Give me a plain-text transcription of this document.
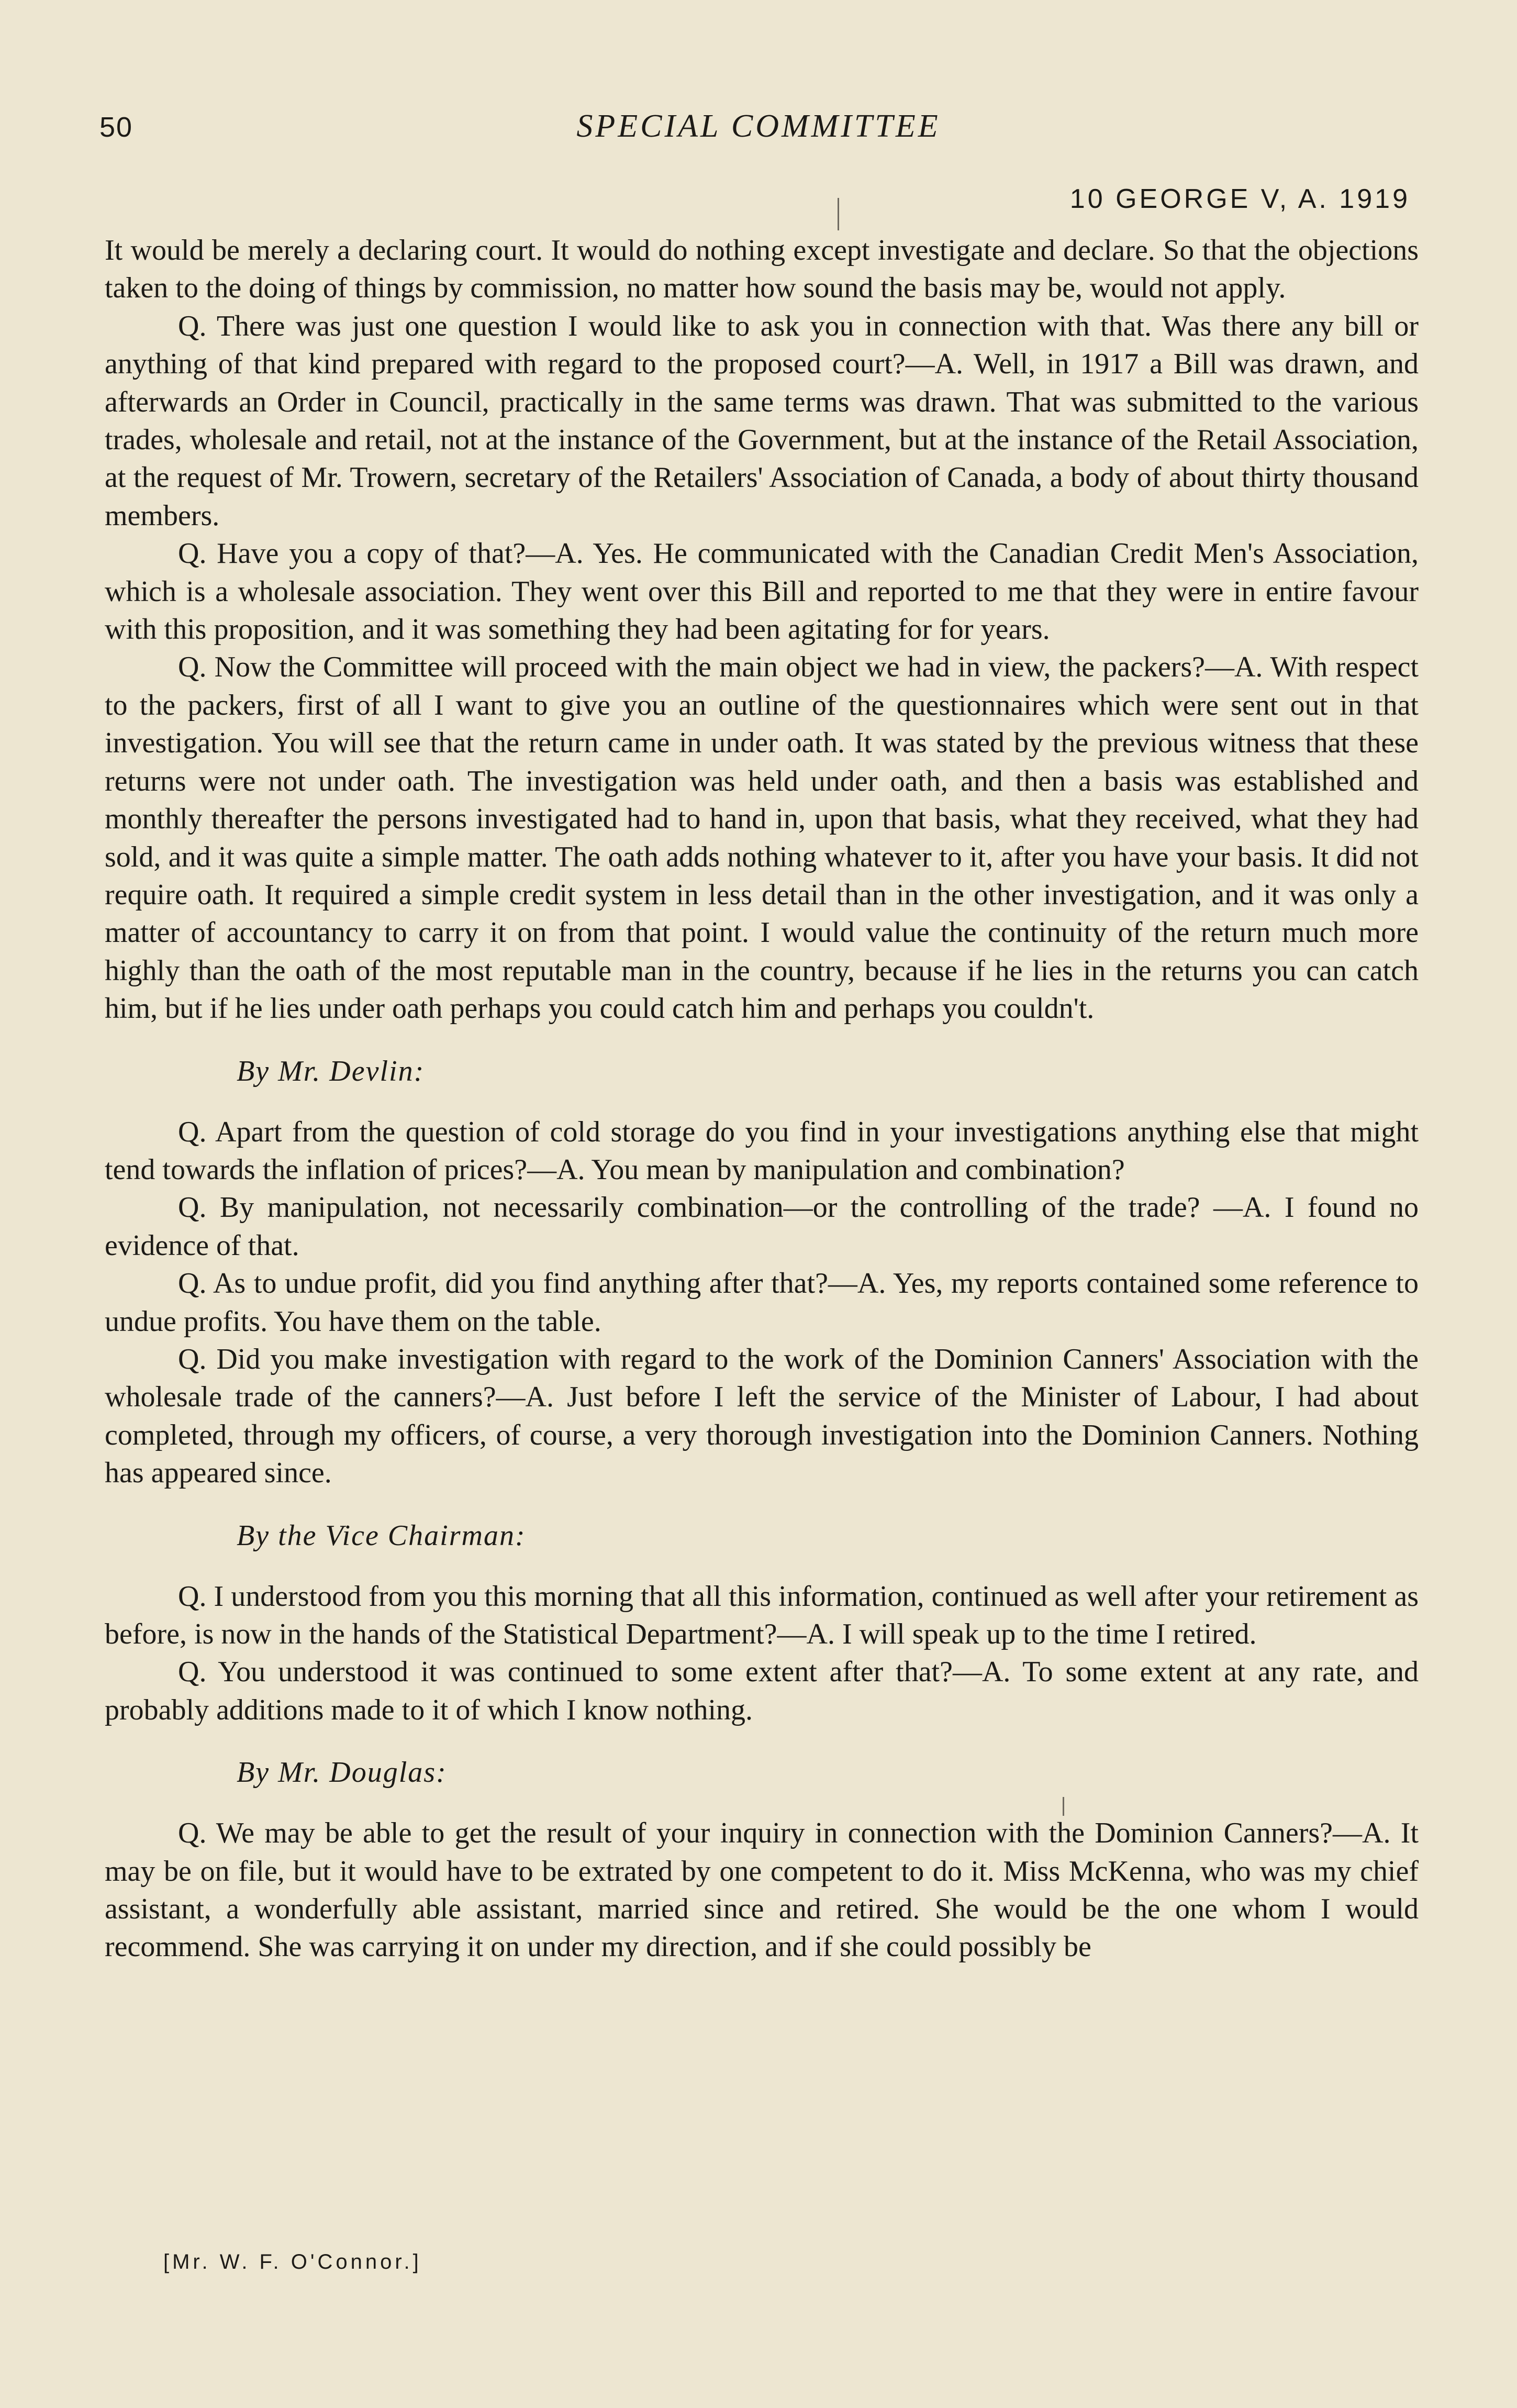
50	SPECIAL COMMITTEE
10 GEORGE V, A. 1919

It would be merely a declaring court. It would do nothing except investigate and declare. So that the objections taken to the doing of things by commission, no matter how sound the basis may be, would not apply.

Q. There was just one question I would like to ask you in connection with that. Was there any bill or anything of that kind prepared with regard to the proposed court?—A. Well, in 1917 a Bill was drawn, and afterwards an Order in Council, practically in the same terms was drawn. That was submitted to the various trades, wholesale and retail, not at the instance of the Government, but at the instance of the Retail Association, at the request of Mr. Trowern, secretary of the Retailers' Association of Canada, a body of about thirty thousand members.

Q. Have you a copy of that?—A. Yes. He communicated with the Canadian Credit Men's Association, which is a wholesale association. They went over this Bill and reported to me that they were in entire favour with this proposition, and it was something they had been agitating for for years.

Q. Now the Committee will proceed with the main object we had in view, the packers?—A. With respect to the packers, first of all I want to give you an outline of the questionnaires which were sent out in that investigation. You will see that the return came in under oath. It was stated by the previous witness that these returns were not under oath. The investigation was held under oath, and then a basis was established and monthly thereafter the persons investigated had to hand in, upon that basis, what they received, what they had sold, and it was quite a simple matter. The oath adds nothing whatever to it, after you have your basis. It did not require oath. It required a simple credit system in less detail than in the other investigation, and it was only a matter of accountancy to carry it on from that point. I would value the continuity of the return much more highly than the oath of the most reputable man in the country, because if he lies in the returns you can catch him, but if he lies under oath perhaps you could catch him and perhaps you couldn't.

By Mr. Devlin:

Q. Apart from the question of cold storage do you find in your investigations anything else that might tend towards the inflation of prices?—A. You mean by manipulation and combination?

Q. By manipulation, not necessarily combination—or the controlling of the trade? —A. I found no evidence of that.

Q. As to undue profit, did you find anything after that?—A. Yes, my reports contained some reference to undue profits. You have them on the table.

Q. Did you make investigation with regard to the work of the Dominion Canners' Association with the wholesale trade of the canners?—A. Just before I left the service of the Minister of Labour, I had about completed, through my officers, of course, a very thorough investigation into the Dominion Canners. Nothing has appeared since.

By the Vice Chairman:

Q. I understood from you this morning that all this information, continued as well after your retirement as before, is now in the hands of the Statistical Department?—A. I will speak up to the time I retired.

Q. You understood it was continued to some extent after that?—A. To some extent at any rate, and probably additions made to it of which I know nothing.

By Mr. Douglas:

Q. We may be able to get the result of your inquiry in connection with the Dominion Canners?—A. It may be on file, but it would have to be extrated by one competent to do it. Miss McKenna, who was my chief assistant, a wonderfully able assistant, married since and retired. She would be the one whom I would recommend. She was carrying it on under my direction, and if she could possibly be

[Mr. W. F. O'Connor.]
